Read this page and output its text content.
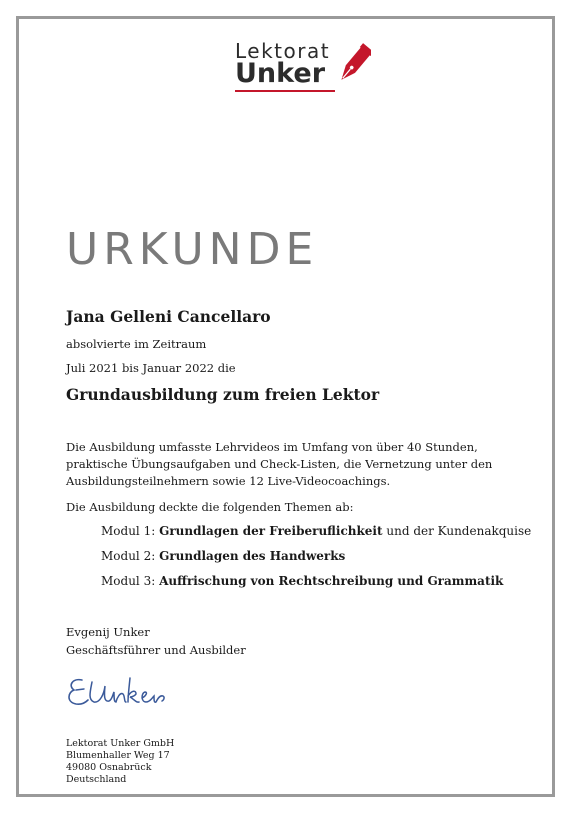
Lektorat
Unker
URKUNDE
Jana Gelleni Cancellaro
absolvierte im Zeitraum
Juli 2021 bis Januar 2022 die
Grundausbildung zum freien Lektor
Die Ausbildung umfasste Lehrvideos im Umfang von über 40 Stunden,
praktische Übungsaufgaben und Check-Listen, die Vernetzung unter den
Ausbildungsteilnehmern sowie 12 Live-Videocoachings.
Die Ausbildung deckte die folgenden Themen ab:
Modul 1: Grundlagen der Freiberuflichkeit und der Kundenakquise
Modul 2: Grundlagen des Handwerks
Modul 3: Auffrischung von Rechtschreibung und Grammatik
Evgenij Unker
Geschäftsführer und Ausbilder
Lektorat Unker GmbH
Blumenhaller Weg 17
49080 Osnabrück
Deutschland
